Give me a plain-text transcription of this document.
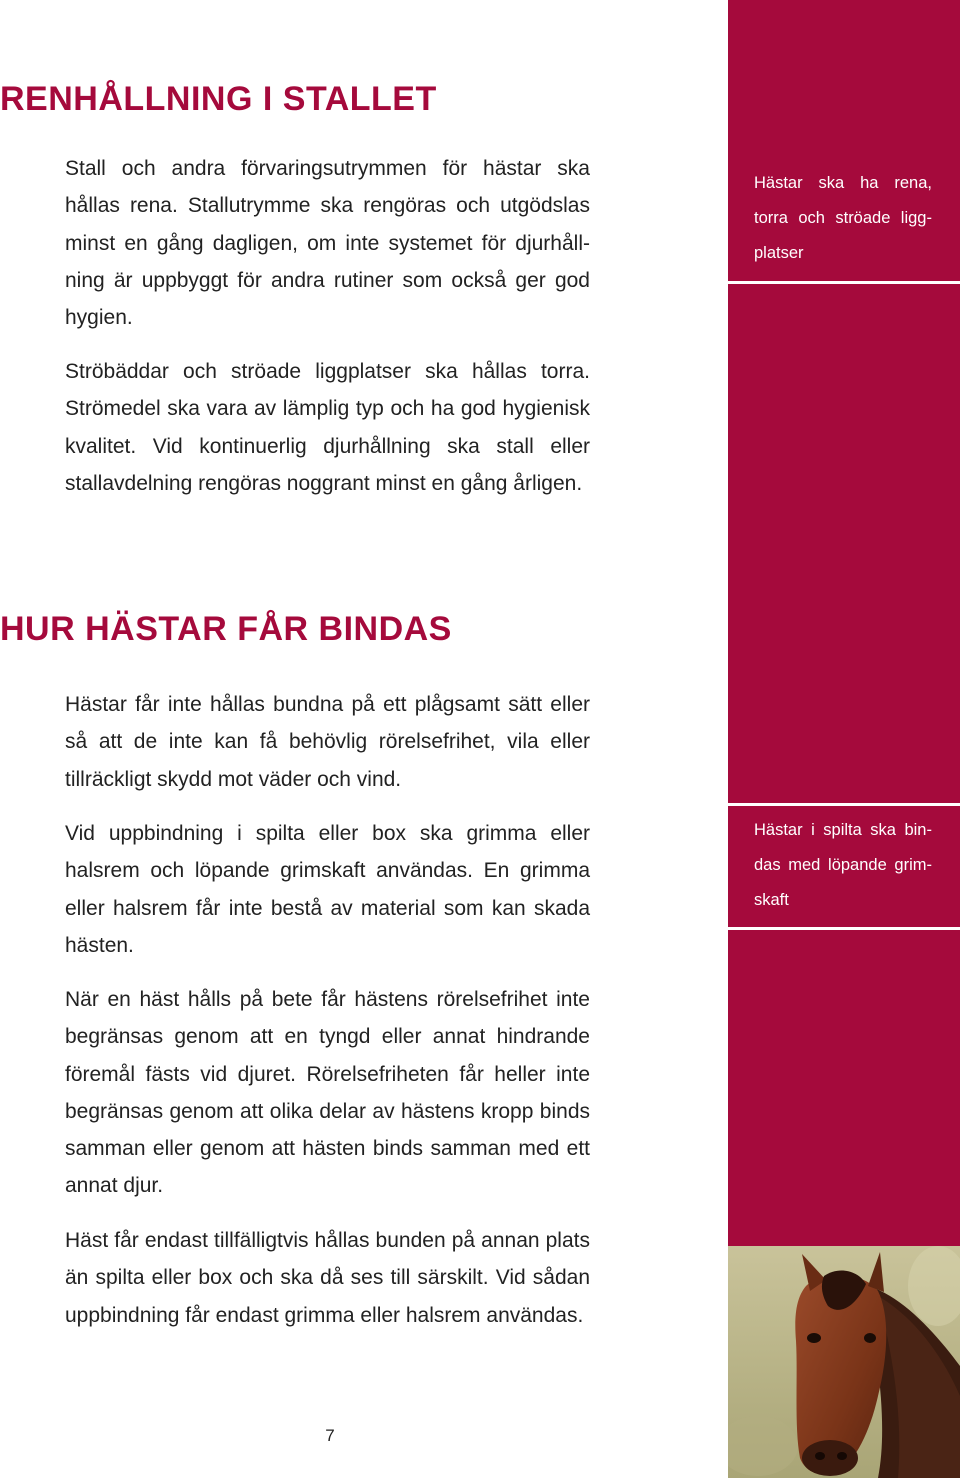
RENHÅLLNING I STALLET

Stall och andra förvaringsutrymmen för hästar ska hållas rena. Stallutrymme ska rengöras och utgödslas minst en gång dagligen, om inte systemet för djurhållning är uppbyggt för andra rutiner som också ger god hygien.

Ströbäddar och ströade liggplatser ska hållas torra. Strömedel ska vara av lämplig typ och ha god hygienisk kvalitet. Vid kontinuerlig djurhållning ska stall eller stallavdelning rengöras noggrant minst en gång årligen.

HUR HÄSTAR FÅR BINDAS

Hästar får inte hållas bundna på ett plågsamt sätt eller så att de inte kan få behövlig rörelsefrihet, vila eller tillräckligt skydd mot väder och vind.

Vid uppbindning i spilta eller box ska grimma eller halsrem och löpande grimskaft användas. En grimma eller halsrem får inte bestå av material som kan skada hästen.

När en häst hålls på bete får hästens rörelsefrihet inte begränsas genom att en tyngd eller annat hindrande föremål fästs vid djuret. Rörelsefriheten får heller inte begränsas genom att olika delar av hästens kropp binds samman eller genom att hästen binds samman med ett annat djur.

Häst får endast tillfälligtvis hållas bunden på annan plats än spilta eller box och ska då ses till särskilt. Vid sådan uppbindning får endast grimma eller halsrem användas.

Hästar ska ha rena, torra och ströade liggplatser

Hästar i spilta ska bindas med löpande grimskaft

7
